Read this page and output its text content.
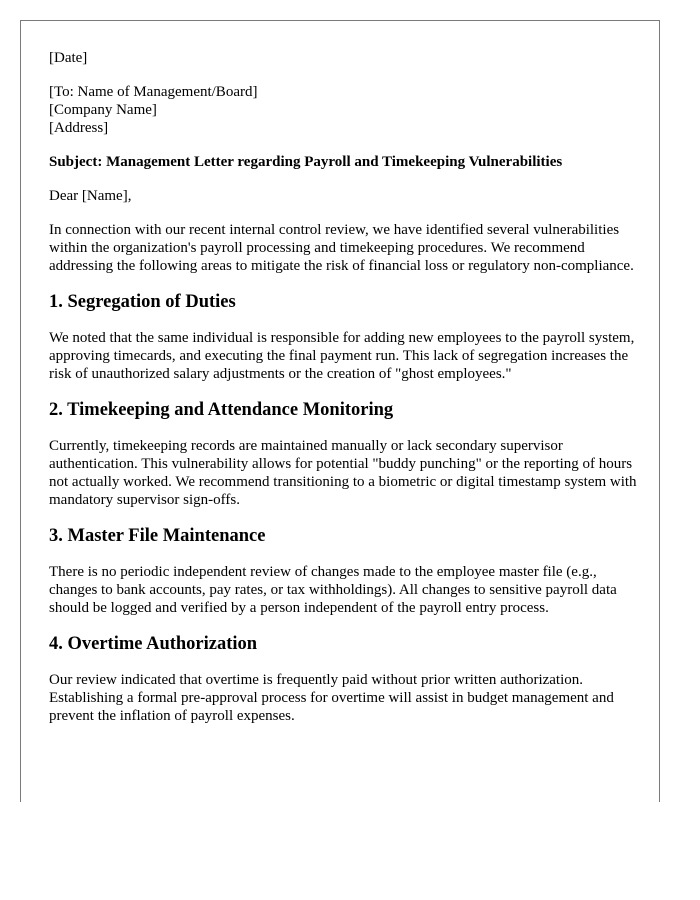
[Date]

[To: Name of Management/Board]

[Company Name]

[Address]

Subject: Management Letter regarding Payroll and Timekeeping Vulnerabilities

Dear [Name],

In connection with our recent internal control review, we have identified several vulnerabilities within the organization's payroll processing and timekeeping procedures. We recommend addressing the following areas to mitigate the risk of financial loss or regulatory non-compliance.

1. Segregation of Duties

We noted that the same individual is responsible for adding new employees to the payroll system, approving timecards, and executing the final payment run. This lack of segregation increases the risk of unauthorized salary adjustments or the creation of "ghost employees."

2. Timekeeping and Attendance Monitoring

Currently, timekeeping records are maintained manually or lack secondary supervisor authentication. This vulnerability allows for potential "buddy punching" or the reporting of hours not actually worked. We recommend transitioning to a biometric or digital timestamp system with mandatory supervisor sign-offs.

3. Master File Maintenance

There is no periodic independent review of changes made to the employee master file (e.g., changes to bank accounts, pay rates, or tax withholdings). All changes to sensitive payroll data should be logged and verified by a person independent of the payroll entry process.

4. Overtime Authorization

Our review indicated that overtime is frequently paid without prior written authorization. Establishing a formal pre-approval process for overtime will assist in budget management and prevent the inflation of payroll expenses.
